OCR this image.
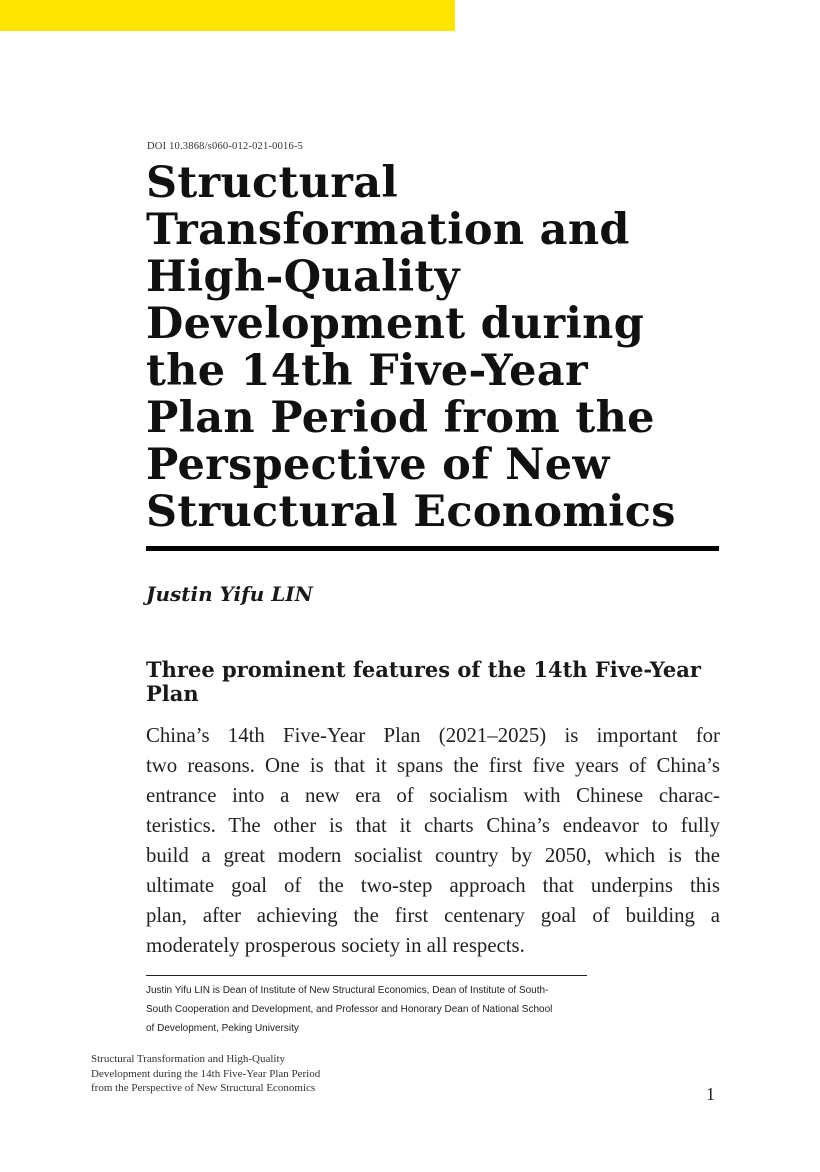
DOI 10.3868/s060-012-021-0016-5
Structural
Transformation and
High-Quality
Development during
the 14th Five-Year
Plan Period from the
Perspective of New
Structural Economics
Justin Yifu LIN
Three prominent features of the 14th Five-Year
Plan

China’s 14th Five-Year Plan (2021–2025) is important for
two reasons. One is that it spans the first five years of China’s
entrance into a new era of socialism with Chinese charac-
teristics. The other is that it charts China’s endeavor to fully
build a great modern socialist country by 2050, which is the
ultimate goal of the two-step approach that underpins this
plan, after achieving the first centenary goal of building a
moderately prosperous society in all respects.

Justin Yifu LIN is Dean of Institute of New Structural Economics, Dean of Institute of South-
South Cooperation and Development, and Professor and Honorary Dean of National School
of Development, Peking University

Structural Transformation and High-Quality
Development during the 14th Five-Year Plan Period
from the Perspective of New Structural Economics	1
